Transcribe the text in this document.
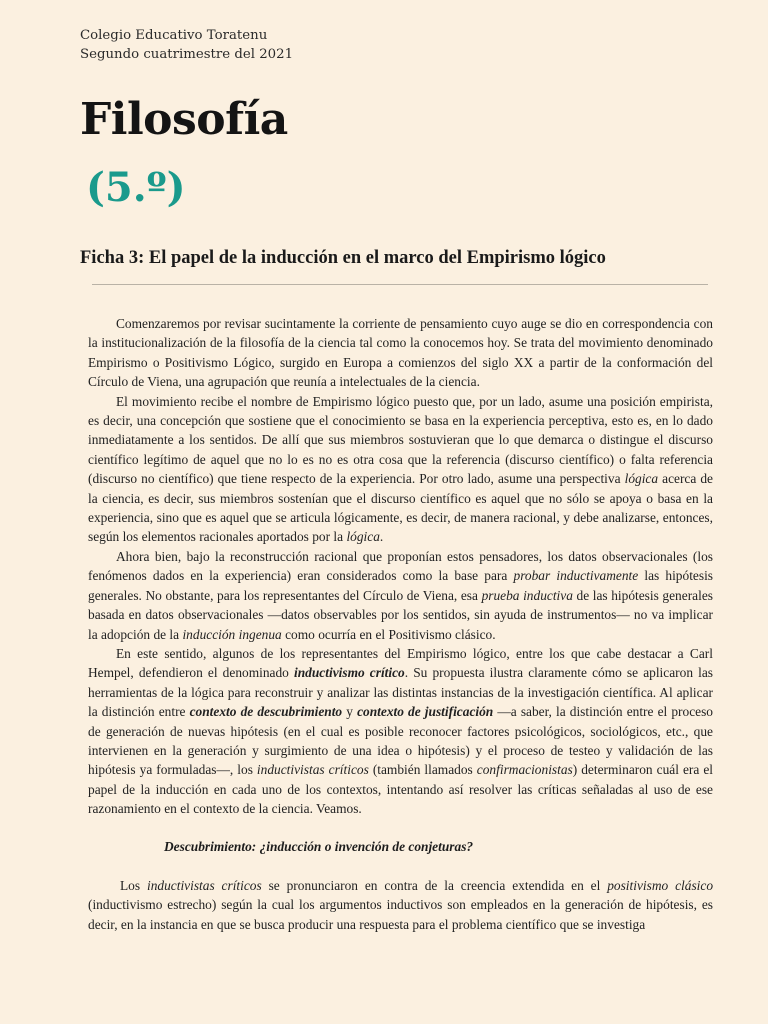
Colegio Educativo Toratenu
Segundo cuatrimestre del 2021
Filosofía
(5.º)
Ficha 3: El papel de la inducción en el marco del Empirismo lógico

Comenzaremos por revisar sucintamente la corriente de pensamiento cuyo auge se dio en correspondencia con la institucionalización de la filosofía de la ciencia tal como la conocemos hoy. Se trata del movimiento denominado Empirismo o Positivismo Lógico, surgido en Europa a comienzos del siglo XX a partir de la conformación del Círculo de Viena, una agrupación que reunía a intelectuales de la ciencia.

El movimiento recibe el nombre de Empirismo lógico puesto que, por un lado, asume una posición empirista, es decir, una concepción que sostiene que el conocimiento se basa en la experiencia perceptiva, esto es, en lo dado inmediatamente a los sentidos. De allí que sus miembros sostuvieran que lo que demarca o distingue el discurso científico legítimo de aquel que no lo es no es otra cosa que la referencia (discurso científico) o falta referencia (discurso no científico) que tiene respecto de la experiencia. Por otro lado, asume una perspectiva lógica acerca de la ciencia, es decir, sus miembros sostenían que el discurso científico es aquel que no sólo se apoya o basa en la experiencia, sino que es aquel que se articula lógicamente, es decir, de manera racional, y debe analizarse, entonces, según los elementos racionales aportados por la lógica.

Ahora bien, bajo la reconstrucción racional que proponían estos pensadores, los datos observacionales (los fenómenos dados en la experiencia) eran considerados como la base para probar inductivamente las hipótesis generales. No obstante, para los representantes del Círculo de Viena, esa prueba inductiva de las hipótesis generales basada en datos observacionales —datos observables por los sentidos, sin ayuda de instrumentos— no va implicar la adopción de la inducción ingenua como ocurría en el Positivismo clásico.

En este sentido, algunos de los representantes del Empirismo lógico, entre los que cabe destacar a Carl Hempel, defendieron el denominado inductivismo crítico. Su propuesta ilustra claramente cómo se aplicaron las herramientas de la lógica para reconstruir y analizar las distintas instancias de la investigación científica. Al aplicar la distinción entre contexto de descubrimiento y contexto de justificación —a saber, la distinción entre el proceso de generación de nuevas hipótesis (en el cual es posible reconocer factores psicológicos, sociológicos, etc., que intervienen en la generación y surgimiento de una idea o hipótesis) y el proceso de testeo y validación de las hipótesis ya formuladas—, los inductivistas críticos (también llamados confirmacionistas) determinaron cuál era el papel de la inducción en cada uno de los contextos, intentando así resolver las críticas señaladas al uso de ese razonamiento en el contexto de la ciencia. Veamos.

Descubrimiento: ¿inducción o invención de conjeturas?

Los inductivistas críticos se pronunciaron en contra de la creencia extendida en el positivismo clásico (inductivismo estrecho) según la cual los argumentos inductivos son empleados en la generación de hipótesis, es decir, en la instancia en que se busca producir una respuesta para el problema científico que se investiga
